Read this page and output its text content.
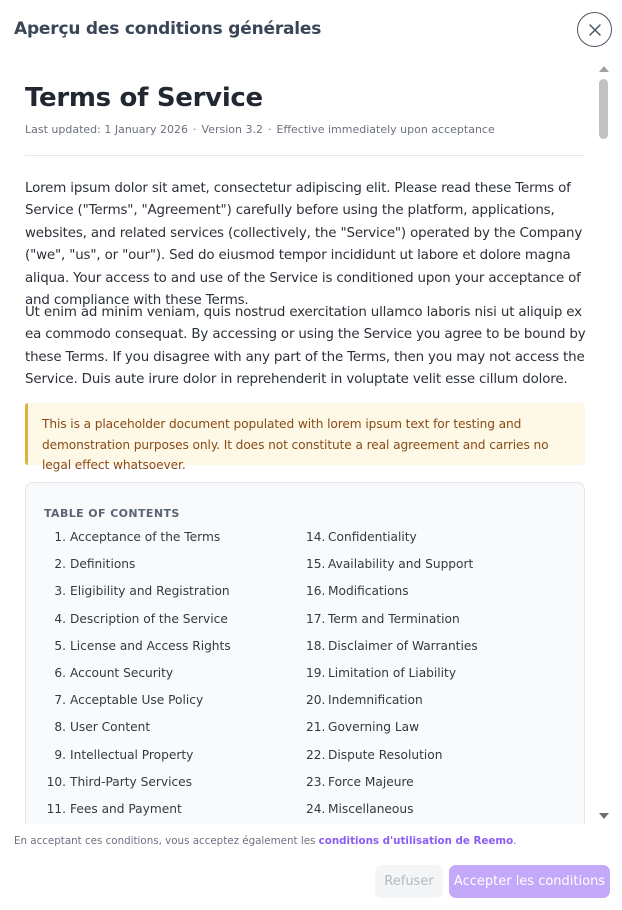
Aperçu des conditions générales
Terms of Service
Last updated: 1 January 2026 · Version 3.2 · Effective immediately upon acceptance

Lorem ipsum dolor sit amet, consectetur adipiscing elit. Please read these Terms of Service ("Terms", "Agreement") carefully before using the platform, applications, websites, and related services (collectively, the "Service") operated by the Company ("we", "us", or "our"). Sed do eiusmod tempor incididunt ut labore et dolore magna aliqua. Your access to and use of the Service is conditioned upon your acceptance of and compliance with these Terms.

Ut enim ad minim veniam, quis nostrud exercitation ullamco laboris nisi ut aliquip ex ea commodo consequat. By accessing or using the Service you agree to be bound by these Terms. If you disagree with any part of the Terms, then you may not access the Service. Duis aute irure dolor in reprehenderit in voluptate velit esse cillum dolore.

This is a placeholder document populated with lorem ipsum text for testing and demonstration purposes only. It does not constitute a real agreement and carries no legal effect whatsoever.
TABLE OF CONTENTS
1. Acceptance of the Terms
2. Definitions
3. Eligibility and Registration
4. Description of the Service
5. License and Access Rights
6. Account Security
7. Acceptable Use Policy
8. User Content
9. Intellectual Property
10. Third-Party Services
11. Fees and Payment
14. Confidentiality
15. Availability and Support
16. Modifications
17. Term and Termination
18. Disclaimer of Warranties
19. Limitation of Liability
20. Indemnification
21. Governing Law
22. Dispute Resolution
23. Force Majeure
24. Miscellaneous
En acceptant ces conditions, vous acceptez également les conditions d'utilisation de Reemo.
Refuser	Accepter les conditions
